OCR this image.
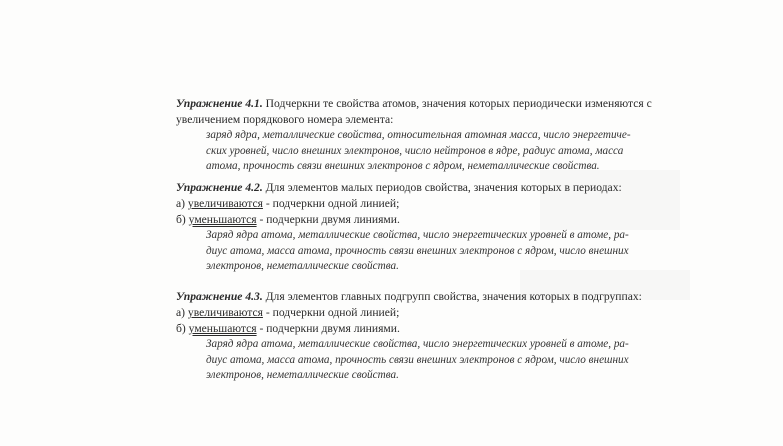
Упражнение 4.1. Подчеркни те свойства атомов, значения которых периодически изменяются с
увеличением порядкового номера элемента:
заряд ядра, металлические свойства, относительная атомная масса, число энергетиче-
ских уровней, число внешних электронов, число нейтронов в ядре, радиус атома, масса
атома, прочность связи внешних электронов с ядром, неметаллические свойства.
Упражнение 4.2. Для элементов малых периодов свойства, значения которых в периодах:
а) увеличиваются - подчеркни одной линией;
б) уменьшаются - подчеркни двумя линиями.
Заряд ядра атома, металлические свойства, число энергетических уровней в атоме, ра-
диус атома, масса атома, прочность связи внешних электронов с ядром, число внешних
электронов, неметаллические свойства.
Упражнение 4.3. Для элементов главных подгрупп свойства, значения которых в подгруппах:
а) увеличиваются - подчеркни одной линией;
б) уменьшаются - подчеркни двумя линиями.
Заряд ядра атома, металлические свойства, число энергетических уровней в атоме, ра-
диус атома, масса атома, прочность связи внешних электронов с ядром, число внешних
электронов, неметаллические свойства.
